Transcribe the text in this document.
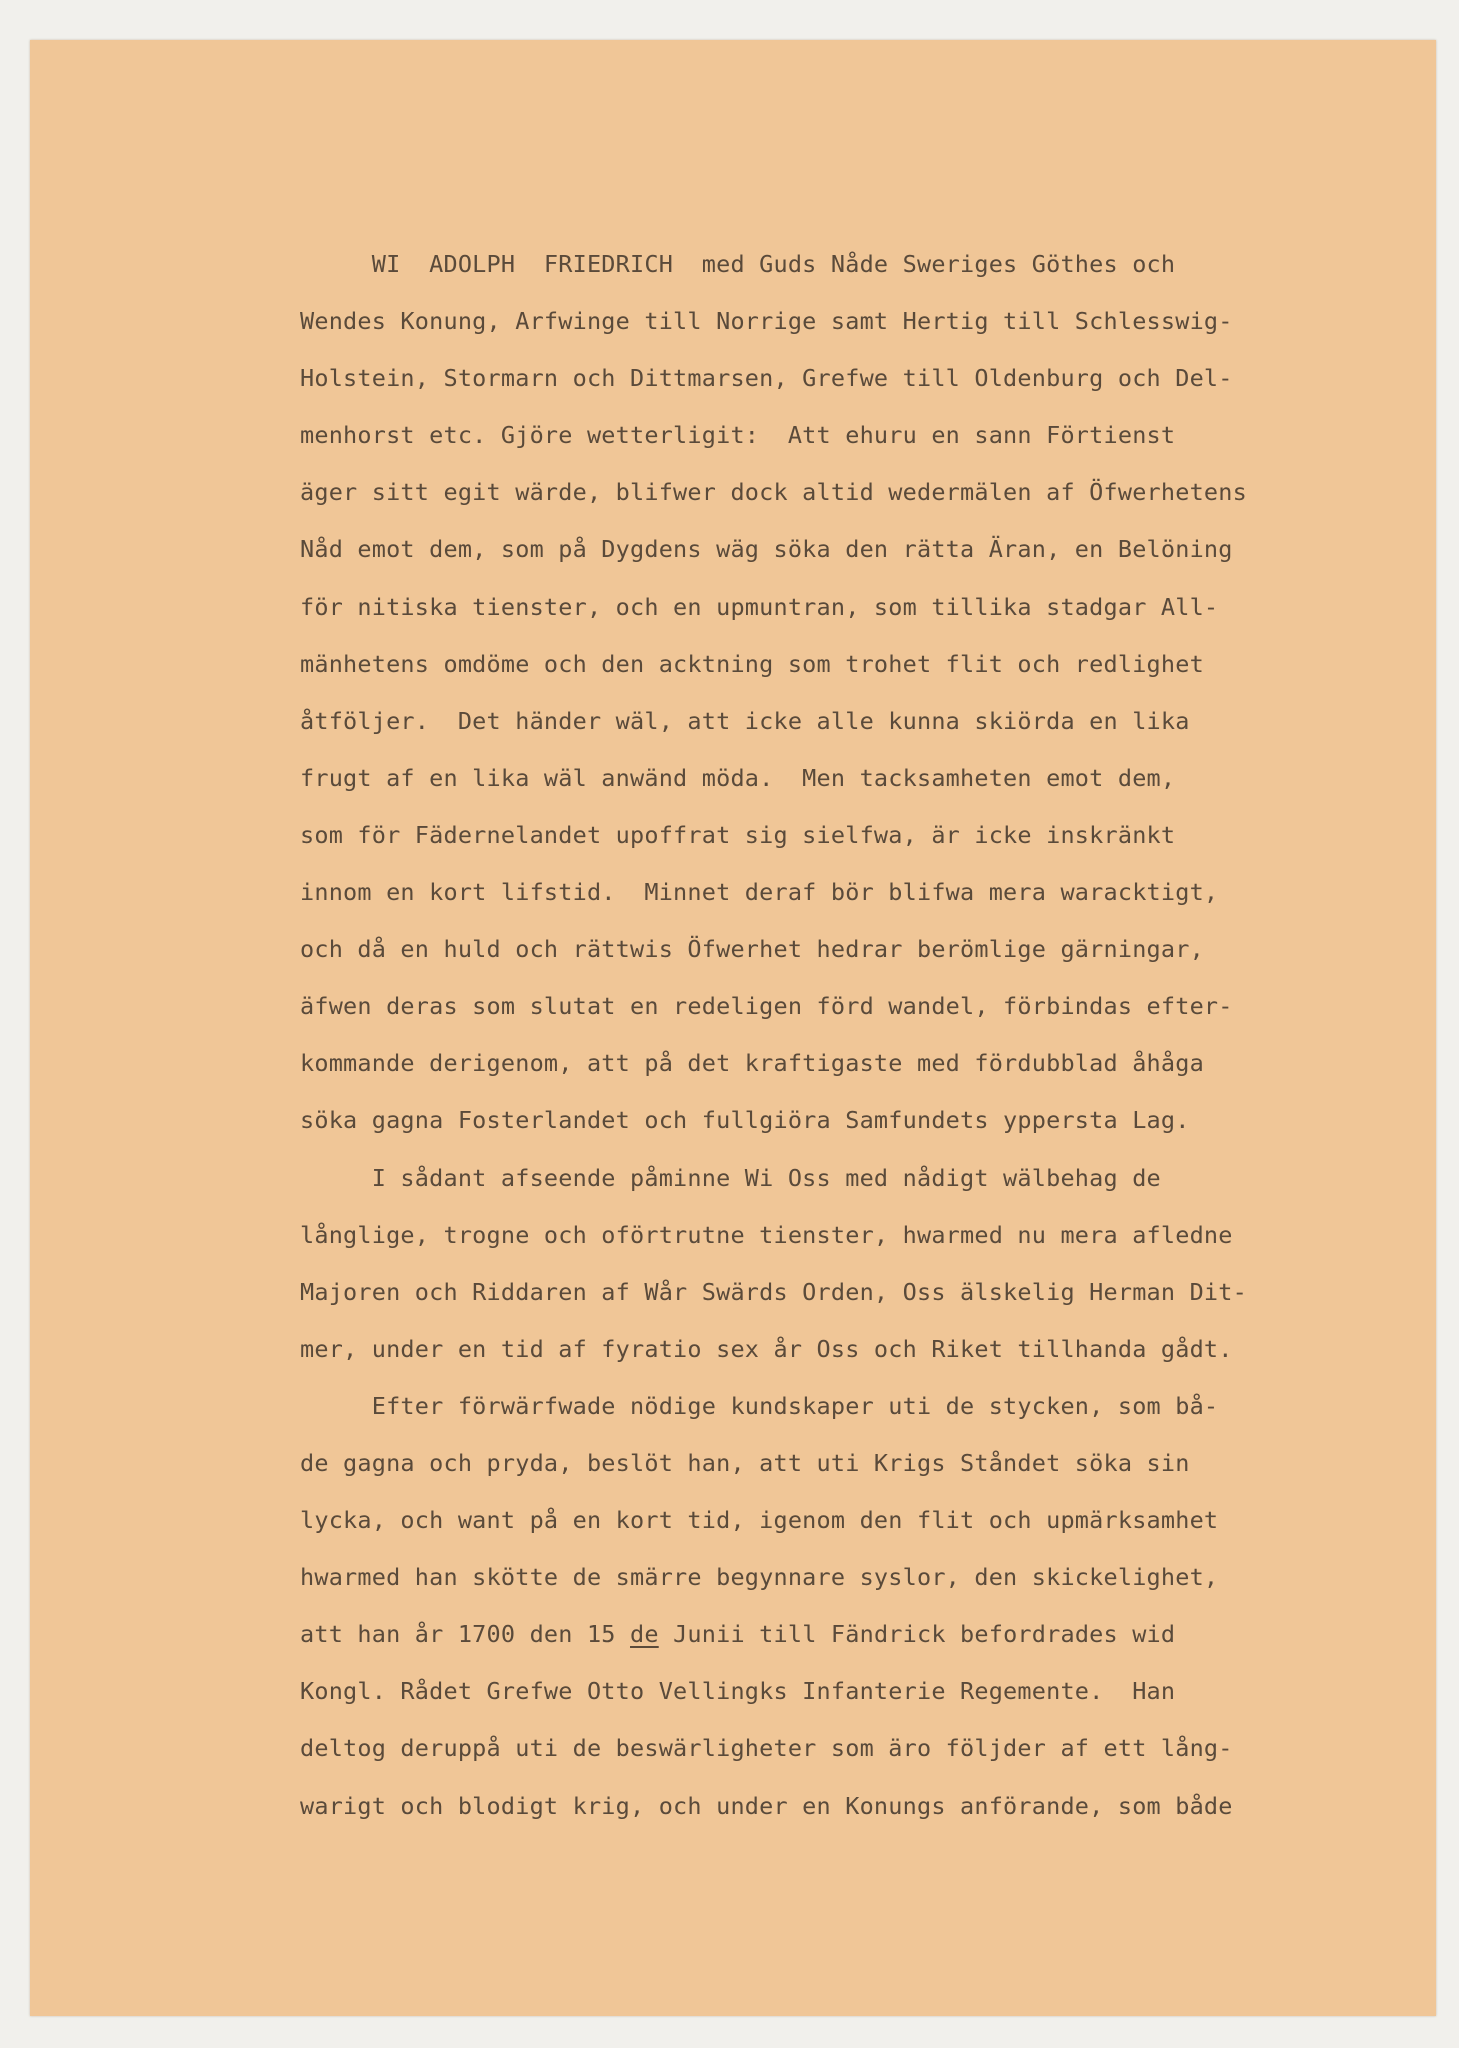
WI  ADOLPH  FRIEDRICH  med Guds Nåde Sweriges Göthes och
Wendes Konung, Arfwinge till Norrige samt Hertig till Schlesswig-
Holstein, Stormarn och Dittmarsen, Grefwe till Oldenburg och Del-
menhorst etc. Gjöre wetterligit:  Att ehuru en sann Förtienst
äger sitt egit wärde, blifwer dock altid wedermälen af Öfwerhetens
Nåd emot dem, som på Dygdens wäg söka den rätta Äran, en Belöning
för nitiska tienster, och en upmuntran, som tillika stadgar All-
mänhetens omdöme och den acktning som trohet flit och redlighet
åtföljer.  Det händer wäl, att icke alle kunna skiörda en lika
frugt af en lika wäl anwänd möda.  Men tacksamheten emot dem,
som för Fädernelandet upoffrat sig sielfwa, är icke inskränkt
innom en kort lifstid.  Minnet deraf bör blifwa mera waracktigt,
och då en huld och rättwis Öfwerhet hedrar berömlige gärningar,
äfwen deras som slutat en redeligen förd wandel, förbindas efter-
kommande derigenom, att på det kraftigaste med fördubblad åhåga
söka gagna Fosterlandet och fullgiöra Samfundets yppersta Lag.
I sådant afseende påminne Wi Oss med nådigt wälbehag de
långlige, trogne och oförtrutne tienster, hwarmed nu mera afledne
Majoren och Riddaren af Wår Swärds Orden, Oss älskelig Herman Dit-
mer, under en tid af fyratio sex år Oss och Riket tillhanda gådt.
Efter förwärfwade nödige kundskaper uti de stycken, som bå-
de gagna och pryda, beslöt han, att uti Krigs Ståndet söka sin
lycka, och want på en kort tid, igenom den flit och upmärksamhet
hwarmed han skötte de smärre begynnare syslor, den skickelighet,
att han år 1700 den 15 de Junii till Fändrick befordrades wid
Kongl. Rådet Grefwe Otto Vellingks Infanterie Regemente.  Han
deltog deruppå uti de beswärligheter som äro följder af ett lång-
warigt och blodigt krig, och under en Konungs anförande, som både
